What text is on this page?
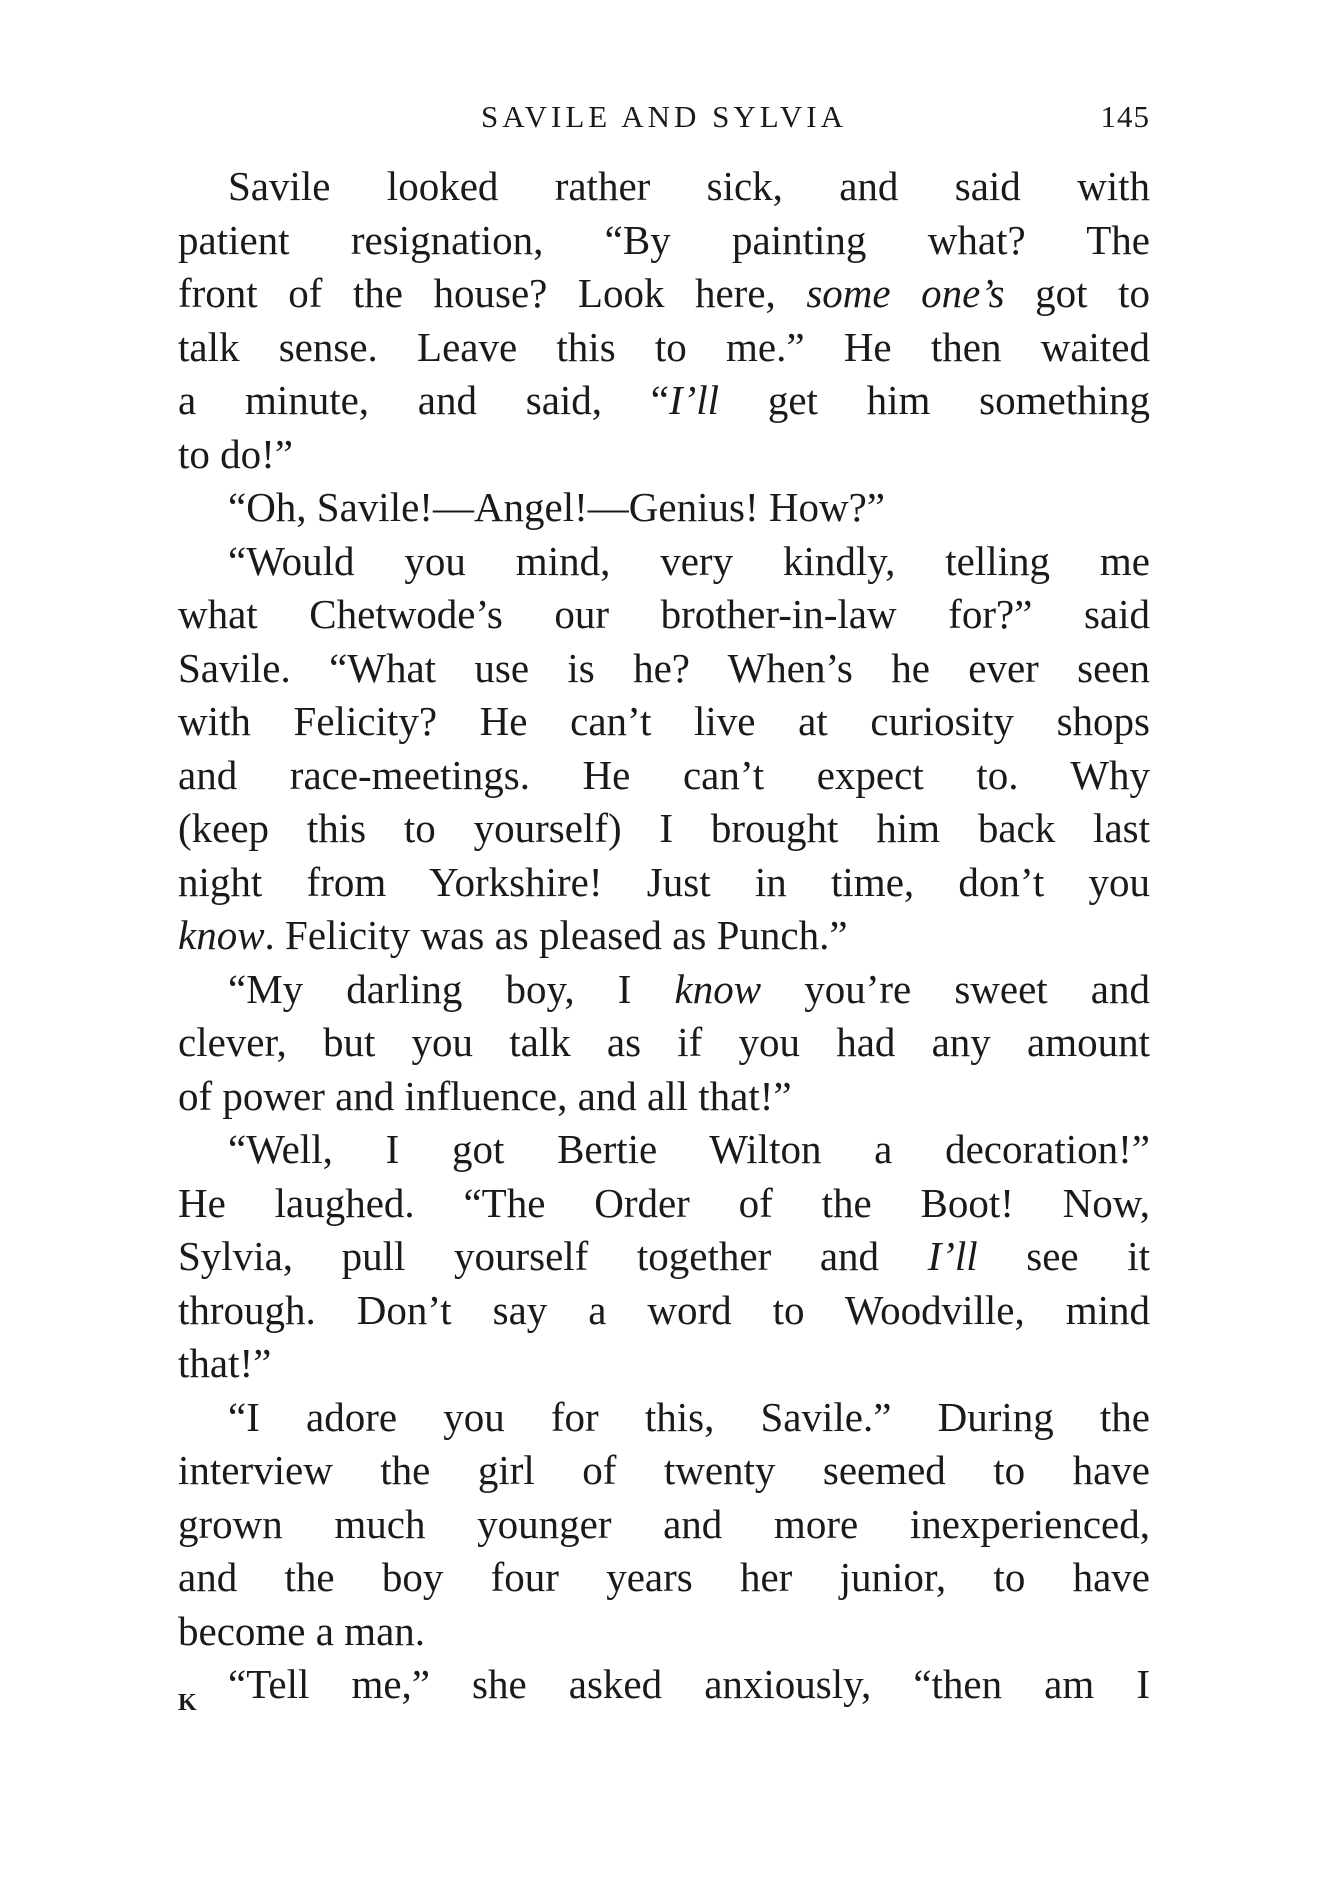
SAVILE AND SYLVIA	145
Savile looked rather sick, and said with
patient resignation, “By painting what? The
front of the house? Look here, some one’s got to
talk sense. Leave this to me.” He then waited
a minute, and said, “I’ll get him something
to do!”
“Oh, Savile!—Angel!—Genius! How?”
“Would you mind, very kindly, telling me
what Chetwode’s our brother-in-law for?” said
Savile. “What use is he? When’s he ever seen
with Felicity? He can’t live at curiosity shops
and race-meetings. He can’t expect to. Why
(keep this to yourself) I brought him back last
night from Yorkshire! Just in time, don’t you
know. Felicity was as pleased as Punch.”
“My darling boy, I know you’re sweet and
clever, but you talk as if you had any amount
of power and influence, and all that!”
“Well, I got Bertie Wilton a decoration!”
He laughed. “The Order of the Boot! Now,
Sylvia, pull yourself together and I’ll see it
through. Don’t say a word to Woodville, mind
that!”
“I adore you for this, Savile.” During the
interview the girl of twenty seemed to have
grown much younger and more inexperienced,
and the boy four years her junior, to have
become a man.
“Tell me,” she asked anxiously, “then am I
K
